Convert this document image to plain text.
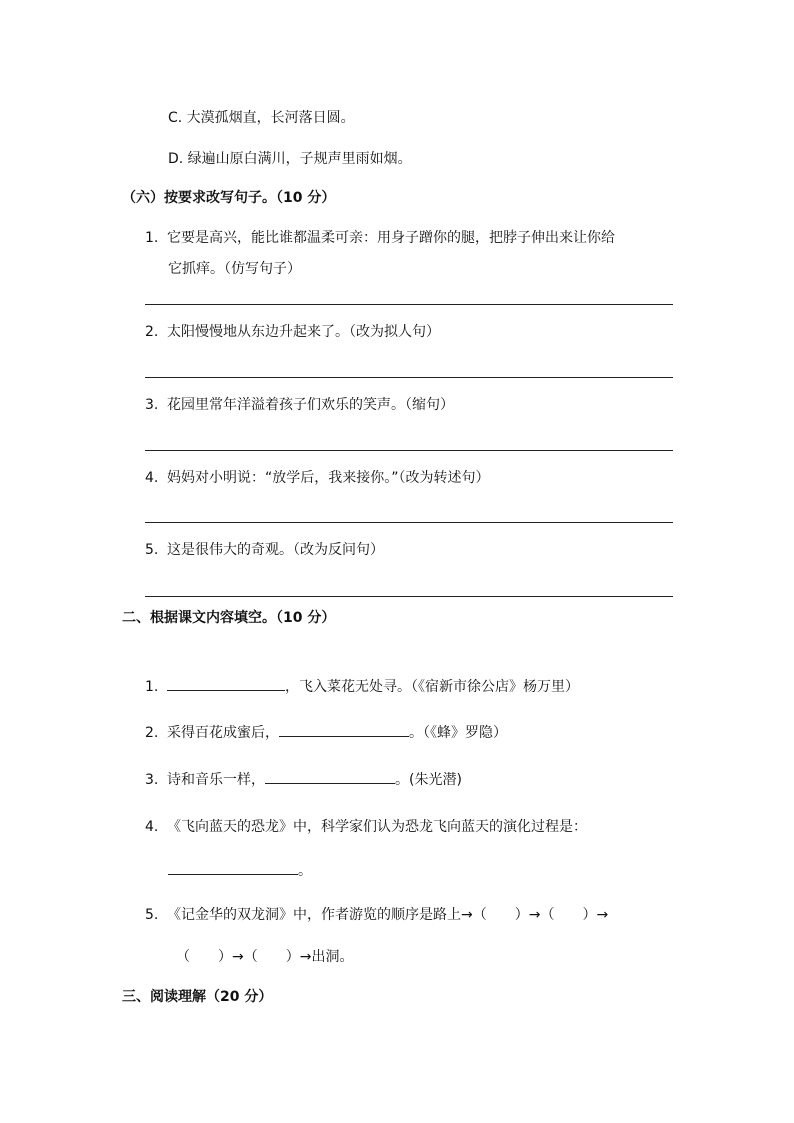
C. 大漠孤烟直，长河落日圆。
D. 绿遍山原白满川，子规声里雨如烟。
（六）按要求改写句子。（10 分）
1. 它要是高兴，能比谁都温柔可亲：用身子蹭你的腿，把脖子伸出来让你给
它抓痒。（仿写句子）
2. 太阳慢慢地从东边升起来了。（改为拟人句）
3. 花园里常年洋溢着孩子们欢乐的笑声。（缩句）
4. 妈妈对小明说：“放学后，我来接你。”（改为转述句）
5. 这是很伟大的奇观。（改为反问句）
二、根据课文内容填空。（10 分）
1.	，飞入菜花无处寻。（《宿新市徐公店》杨万里）
2. 采得百花成蜜后，	。（《蜂》罗隐）
3. 诗和音乐一样，	。(朱光潜)
4. 《飞向蓝天的恐龙》中，科学家们认为恐龙飞向蓝天的演化过程是：
。
5. 《记金华的双龙洞》中，作者游览的顺序是路上→（　　）→（　　）→
（　　）→（　　）→出洞。
三、阅读理解（20 分）
